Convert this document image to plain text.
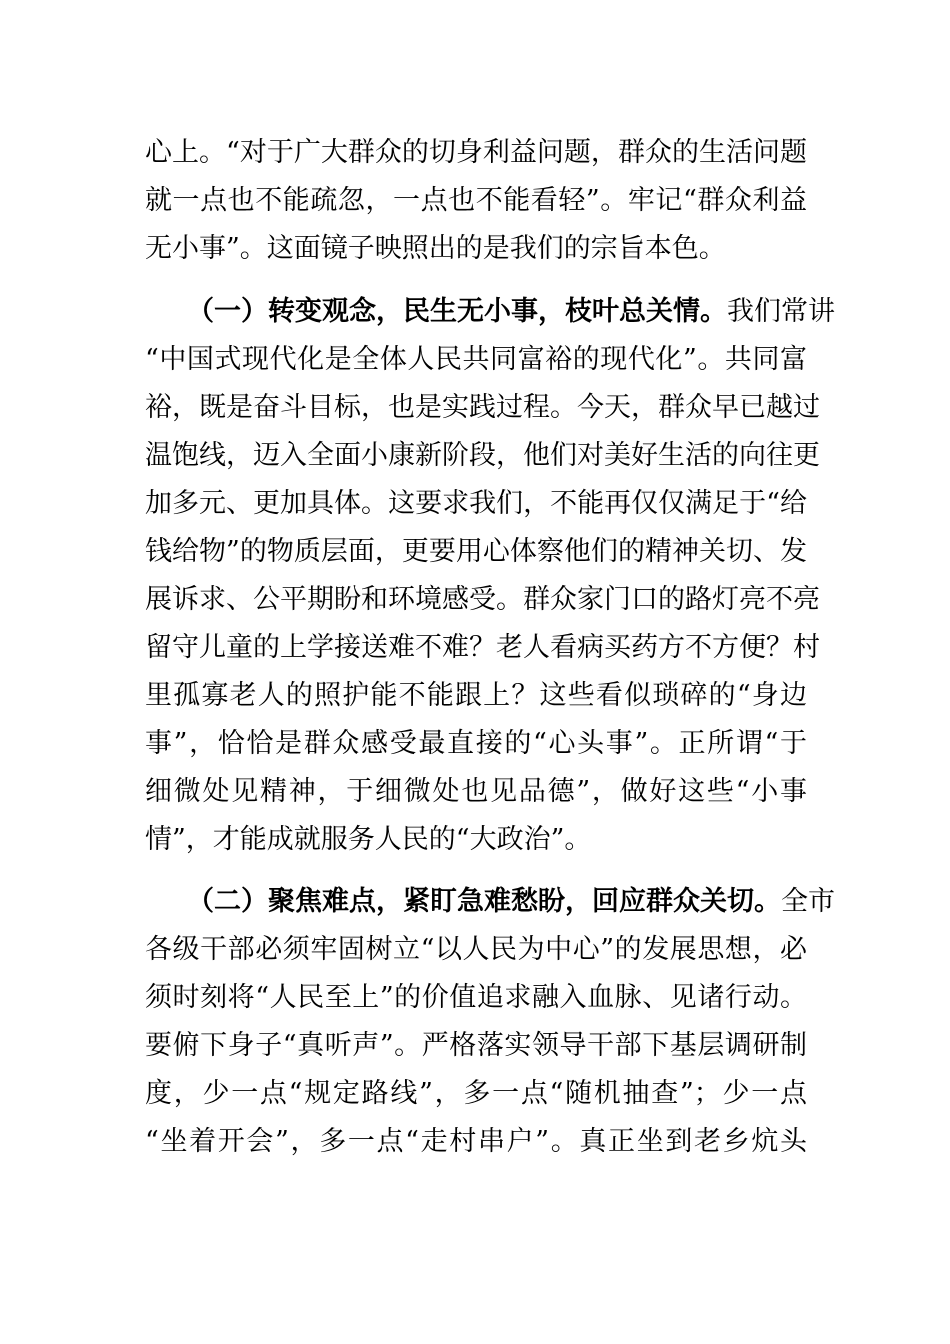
心上。“对于广大群众的切身利益问题，群众的生活问题
就一点也不能疏忽，一点也不能看轻”。牢记“群众利益
无小事”。这面镜子映照出的是我们的宗旨本色。
（一）转变观念，民生无小事，枝叶总关情。我们常讲
“中国式现代化是全体人民共同富裕的现代化”。共同富
裕，既是奋斗目标，也是实践过程。今天，群众早已越过
温饱线，迈入全面小康新阶段，他们对美好生活的向往更
加多元、更加具体。这要求我们，不能再仅仅满足于“给
钱给物”的物质层面，更要用心体察他们的精神关切、发
展诉求、公平期盼和环境感受。群众家门口的路灯亮不亮
留守儿童的上学接送难不难？老人看病买药方不方便？村
里孤寡老人的照护能不能跟上？这些看似琐碎的“身边
事”，恰恰是群众感受最直接的“心头事”。正所谓“于
细微处见精神，于细微处也见品德”，做好这些“小事
情”，才能成就服务人民的“大政治”。
（二）聚焦难点，紧盯急难愁盼，回应群众关切。全市
各级干部必须牢固树立“以人民为中心”的发展思想，必
须时刻将“人民至上”的价值追求融入血脉、见诸行动。
要俯下身子“真听声”。严格落实领导干部下基层调研制
度，少一点“规定路线”，多一点“随机抽查”；少一点
“坐着开会”，多一点“走村串户”。真正坐到老乡炕头
